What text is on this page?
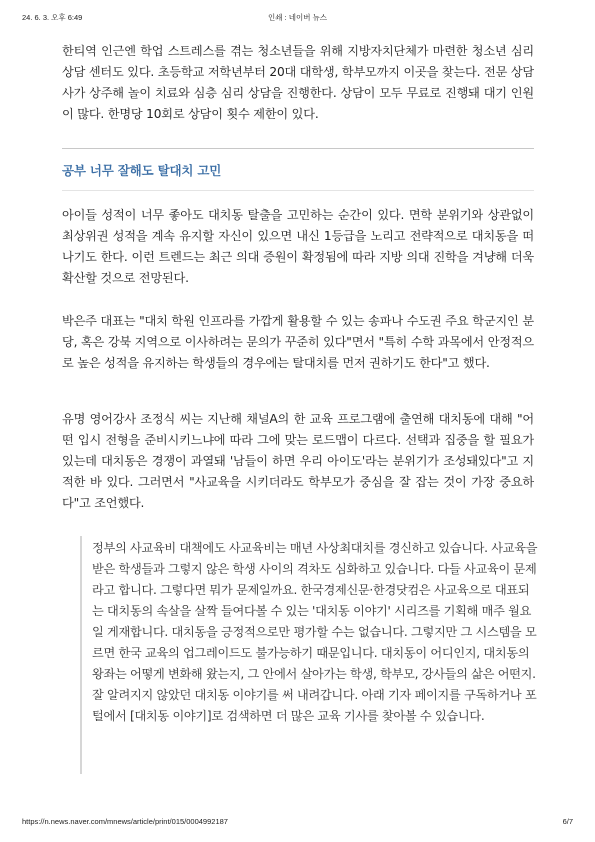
24. 6. 3. 오후 6:49	인쇄 : 네이버 뉴스

한티역 인근엔 학업 스트레스를 겪는 청소년들을 위해 지방자치단체가 마련한 청소년 심리상담 센터도 있다. 초등학교 저학년부터 20대 대학생, 학부모까지 이곳을 찾는다. 전문 상담사가 상주해 놀이 치료와 심층 심리 상담을 진행한다. 상담이 모두 무료로 진행돼 대기 인원이 많다. 한명당 10회로 상담이 횟수 제한이 있다.

공부 너무 잘해도 탈대치 고민

아이들 성적이 너무 좋아도 대치동 탈출을 고민하는 순간이 있다. 면학 분위기와 상관없이 최상위권 성적을 계속 유지할 자신이 있으면 내신 1등급을 노리고 전략적으로 대치동을 떠나기도 한다. 이런 트렌드는 최근 의대 증원이 확정됨에 따라 지방 의대 진학을 겨냥해 더욱 확산할 것으로 전망된다.

박은주 대표는 "대치 학원 인프라를 가깝게 활용할 수 있는 송파나 수도권 주요 학군지인 분당, 혹은 강북 지역으로 이사하려는 문의가 꾸준히 있다"면서 "특히 수학 과목에서 안정적으로 높은 성적을 유지하는 학생들의 경우에는 탈대치를 먼저 권하기도 한다"고 했다.

유명 영어강사 조정식 씨는 지난해 채널A의 한 교육 프로그램에 출연해 대치동에 대해 "어떤 입시 전형을 준비시키느냐에 따라 그에 맞는 로드맵이 다르다. 선택과 집중을 할 필요가 있는데 대치동은 경쟁이 과열돼 '남들이 하면 우리 아이도'라는 분위기가 조성돼있다"고 지적한 바 있다. 그러면서 "사교육을 시키더라도 학부모가 중심을 잘 잡는 것이 가장 중요하다"고 조언했다.

정부의 사교육비 대책에도 사교육비는 매년 사상최대치를 경신하고 있습니다. 사교육을 받은 학생들과 그렇지 않은 학생 사이의 격차도 심화하고 있습니다. 다들 사교육이 문제라고 합니다. 그렇다면 뭐가 문제일까요. 한국경제신문·한경닷컴은 사교육으로 대표되는 대치동의 속살을 살짝 들여다볼 수 있는 '대치동 이야기' 시리즈를 기획해 매주 월요일 게재합니다. 대치동을 긍정적으로만 평가할 수는 없습니다. 그렇지만 그 시스템을 모르면 한국 교육의 업그레이드도 불가능하기 때문입니다. 대치동이 어디인지, 대치동의 왕좌는 어떻게 변화해 왔는지, 그 안에서 살아가는 학생, 학부모, 강사들의 삶은 어떤지. 잘 알려지지 않았던 대치동 이야기를 써 내려갑니다. 아래 기자 페이지를 구독하거나 포털에서 [대치동 이야기]로 검색하면 더 많은 교육 기사를 찾아볼 수 있습니다.

https://n.news.naver.com/mnews/article/print/015/0004992187	6/7
